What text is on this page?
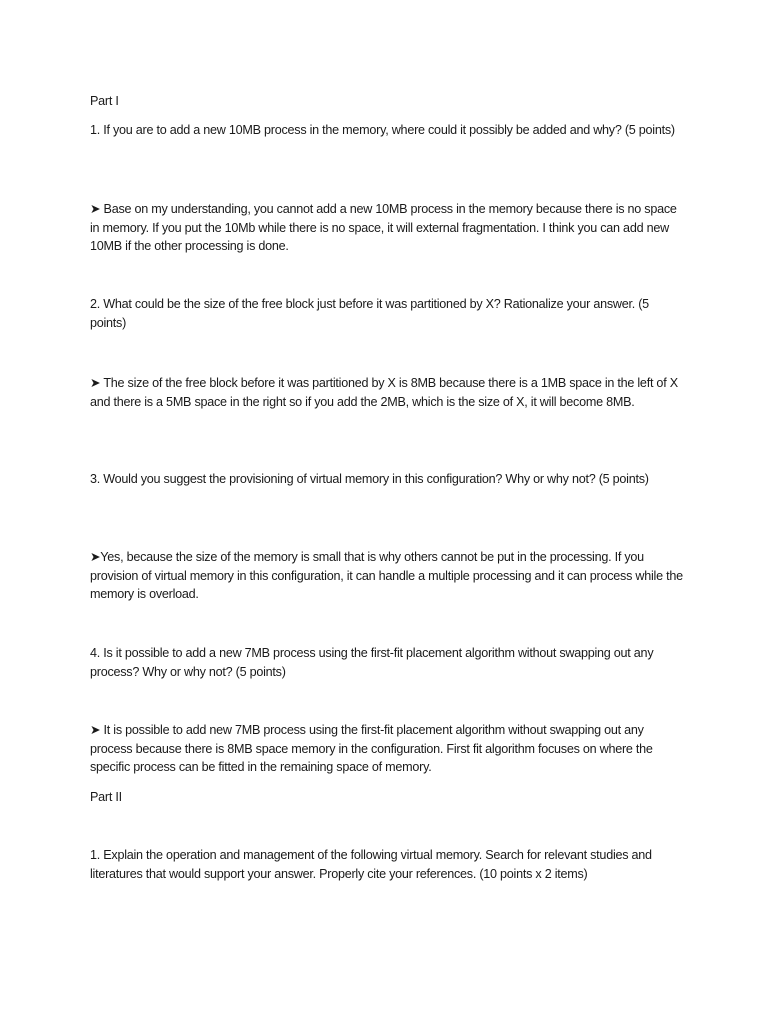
Part I

1. If you are to add a new 10MB process in the memory, where could it possibly be added and why? (5 points)

➤ Base on my understanding, you cannot add a new 10MB process in the memory because there is no space in memory. If you put the 10Mb while there is no space, it will external fragmentation. I think you can add new 10MB if the other processing is done.

2. What could be the size of the free block just before it was partitioned by X? Rationalize your answer. (5 points)

➤ The size of the free block before it was partitioned by X is 8MB because there is a 1MB space in the left of X and there is a 5MB space in the right so if you add the 2MB, which is the size of X, it will become 8MB.

3. Would you suggest the provisioning of virtual memory in this configuration? Why or why not? (5 points)

➤Yes, because the size of the memory is small that is why others cannot be put in the processing. If you provision of virtual memory in this configuration, it can handle a multiple processing and it can process while the memory is overload.

4. Is it possible to add a new 7MB process using the first-fit placement algorithm without swapping out any process? Why or why not? (5 points)

➤ It is possible to add new 7MB process using the first-fit placement algorithm without swapping out any process because there is 8MB space memory in the configuration. First fit algorithm focuses on where the specific process can be fitted in the remaining space of memory.

Part II

1. Explain the operation and management of the following virtual memory. Search for relevant studies and literatures that would support your answer. Properly cite your references. (10 points x 2 items)
